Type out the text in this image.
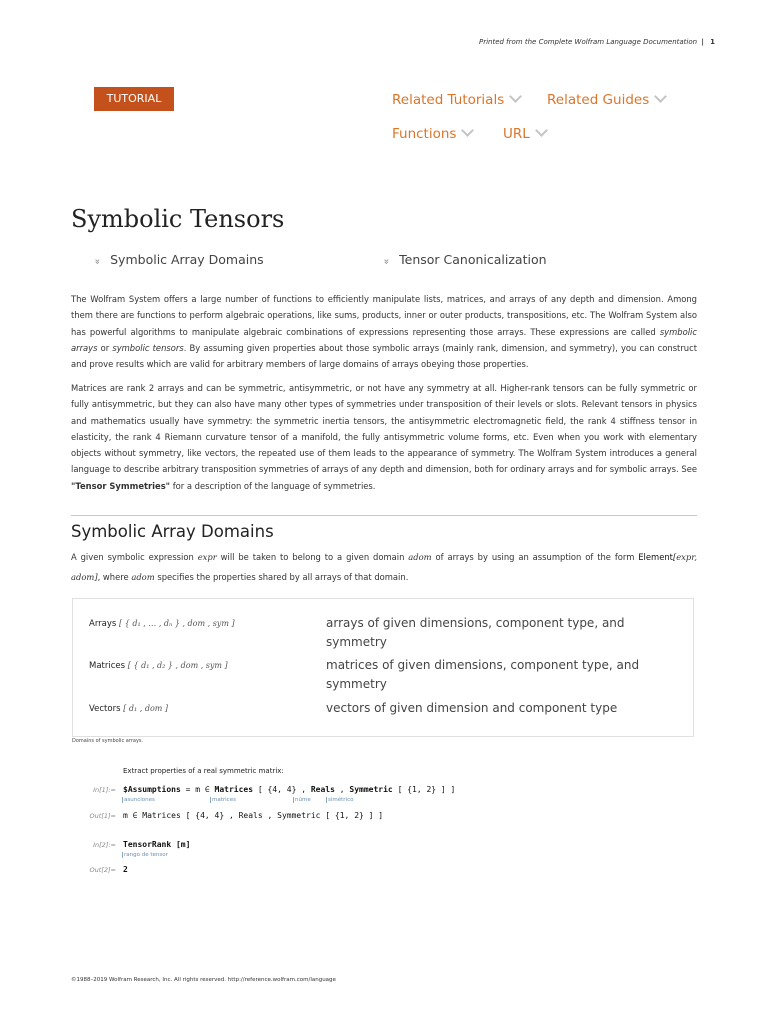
Printed from the Complete Wolfram Language Documentation | 1
TUTORIAL	Related Tutorials	Related Guides
Functions	URL
Symbolic Tensors
» Symbolic Array Domains	» Tensor Canonicalization
The Wolfram System offers a large number of functions to efficiently manipulate lists, matrices, and arrays of any depth and dimension. Among them there are functions to perform algebraic operations, like sums, products, inner or outer products, transpositions, etc. The Wolfram System also has powerful algorithms to manipulate algebraic combinations of expressions representing those arrays. These expressions are called symbolic arrays or symbolic tensors. By assuming given properties about those symbolic arrays (mainly rank, dimension, and symmetry), you can construct and prove results which are valid for arbitrary members of large domains of arrays obeying those properties.
Matrices are rank 2 arrays and can be symmetric, antisymmetric, or not have any symmetry at all. Higher-rank tensors can be fully symmetric or fully antisymmetric, but they can also have many other types of symmetries under transposition of their levels or slots. Relevant tensors in physics and mathematics usually have symmetry: the symmetric inertia tensors, the antisymmetric electromagnetic field, the rank 4 stiffness tensor in elasticity, the rank 4 Riemann curvature tensor of a manifold, the fully antisymmetric volume forms, etc. Even when you work with elementary objects without symmetry, like vectors, the repeated use of them leads to the appearance of symmetry. The Wolfram System introduces a general language to describe arbitrary transposition symmetries of arrays of any depth and dimension, both for ordinary arrays and for symbolic arrays. See "Tensor Symmetries" for a description of the language of symmetries.
Symbolic Array Domains
A given symbolic expression expr will be taken to belong to a given domain adom of arrays by using an assumption of the form Element[expr, adom], where adom specifies the properties shared by all arrays of that domain.
Arrays [ { d₁ , … , dₙ } , dom , sym ]	arrays of given dimensions, component type, and symmetry
Matrices [ { d₁ , d₂ } , dom , sym ]	matrices of given dimensions, component type, and symmetry
Vectors [ d₁ , dom ]	vectors of given dimension and component type
Domains of symbolic arrays.
Extract properties of a real symmetric matrix:
In[1]:= $Assumptions = m ∈ Matrices [ {4, 4} , Reals , Symmetric [ {1, 2} ] ]
asunciones	matrices	núme	simétrico
Out[1]= m ∈ Matrices [ {4, 4} , Reals , Symmetric [ {1, 2} ] ]
In[2]:= TensorRank [m]
rango de tensor
Out[2]= 2
©1988–2019 Wolfram Research, Inc. All rights reserved. http://reference.wolfram.com/language
